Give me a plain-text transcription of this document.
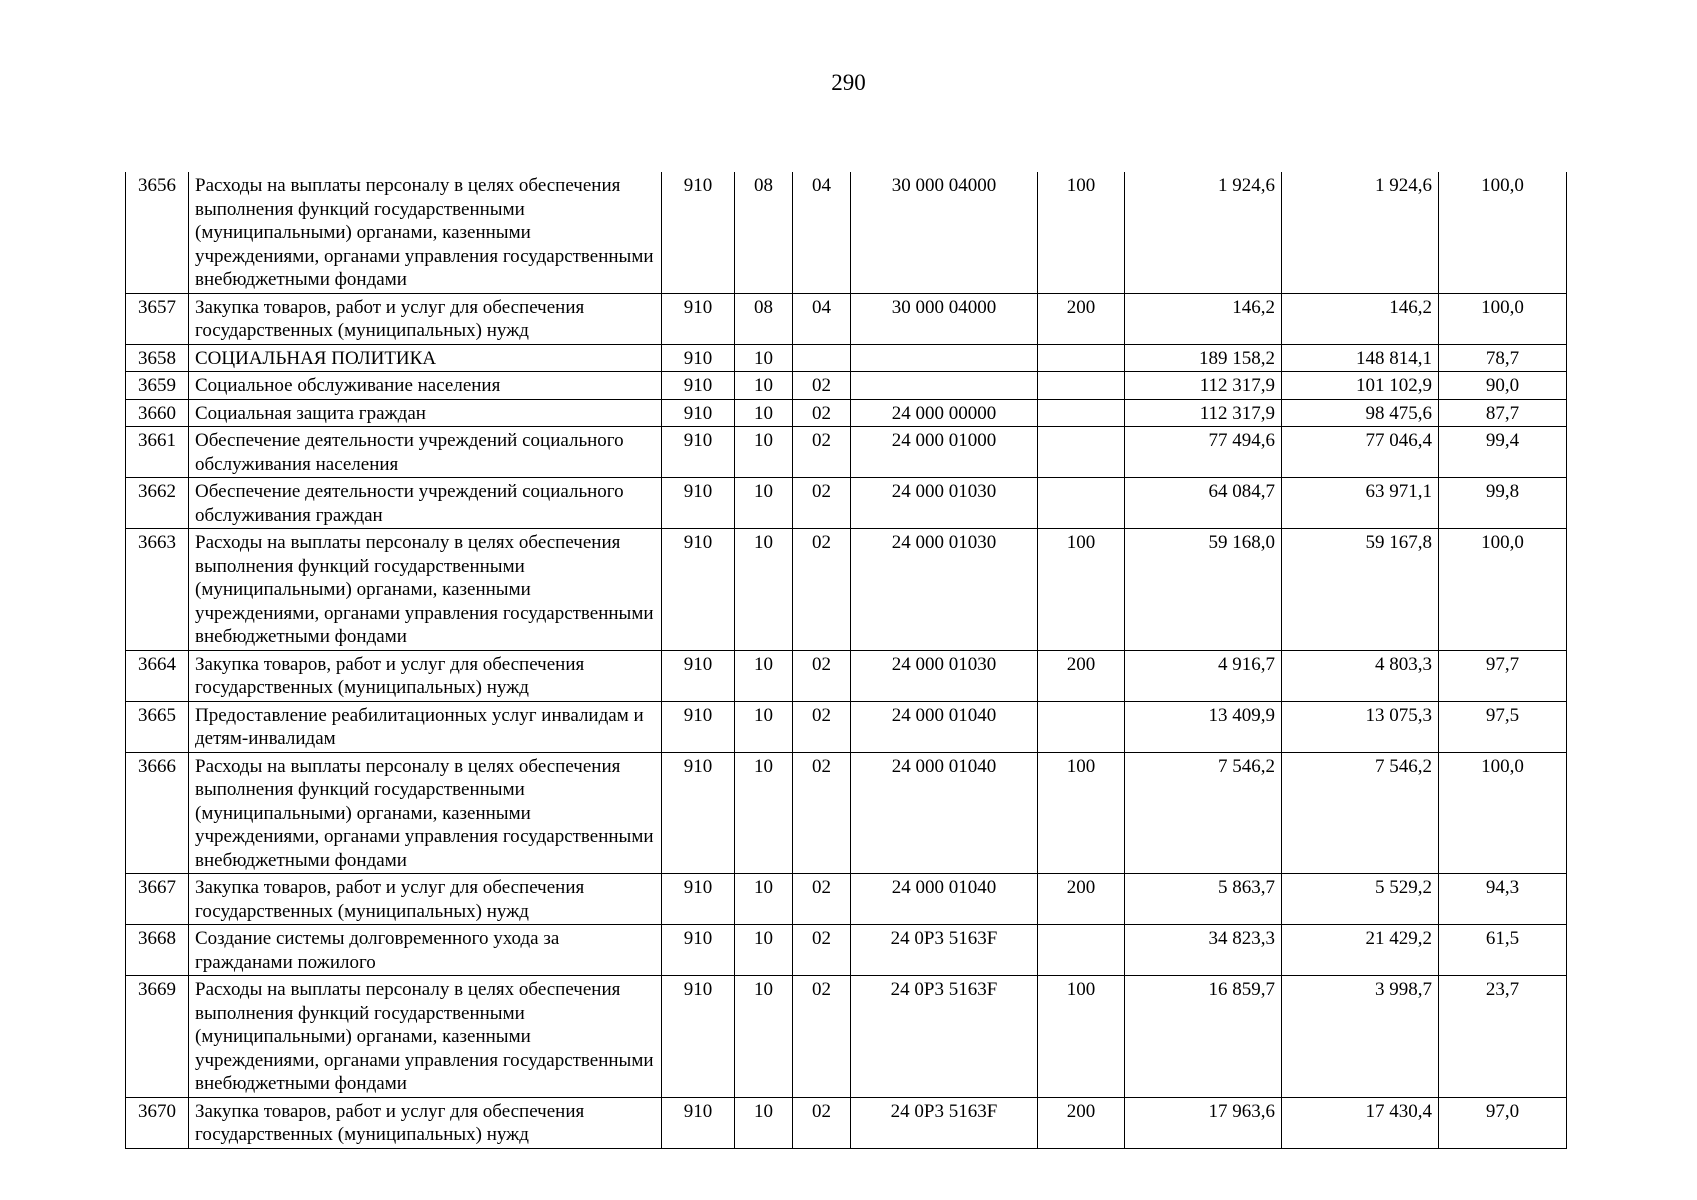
290
3656	Расходы на выплаты персоналу в целях обеспечения выполнения функций государственными (муниципальными) органами, казенными учреждениями, органами управления государственными внебюджетными фондами	910	08	04	30 000 04000	100	1 924,6	1 924,6	100,0
3657	Закупка товаров, работ и услуг для обеспечения государственных (муниципальных) нужд	910	08	04	30 000 04000	200	146,2	146,2	100,0
3658	СОЦИАЛЬНАЯ ПОЛИТИКА	910	10				189 158,2	148 814,1	78,7
3659	Социальное обслуживание населения	910	10	02			112 317,9	101 102,9	90,0
3660	Социальная защита граждан	910	10	02	24 000 00000		112 317,9	98 475,6	87,7
3661	Обеспечение деятельности учреждений социального обслуживания населения	910	10	02	24 000 01000		77 494,6	77 046,4	99,4
3662	Обеспечение деятельности учреждений социального обслуживания граждан	910	10	02	24 000 01030		64 084,7	63 971,1	99,8
3663	Расходы на выплаты персоналу в целях обеспечения выполнения функций государственными (муниципальными) органами, казенными учреждениями, органами управления государственными внебюджетными фондами	910	10	02	24 000 01030	100	59 168,0	59 167,8	100,0
3664	Закупка товаров, работ и услуг для обеспечения государственных (муниципальных) нужд	910	10	02	24 000 01030	200	4 916,7	4 803,3	97,7
3665	Предоставление реабилитационных услуг инвалидам и детям-инвалидам	910	10	02	24 000 01040		13 409,9	13 075,3	97,5
3666	Расходы на выплаты персоналу в целях обеспечения выполнения функций государственными (муниципальными) органами, казенными учреждениями, органами управления государственными внебюджетными фондами	910	10	02	24 000 01040	100	7 546,2	7 546,2	100,0
3667	Закупка товаров, работ и услуг для обеспечения государственных (муниципальных) нужд	910	10	02	24 000 01040	200	5 863,7	5 529,2	94,3
3668	Создание системы долговременного ухода за гражданами пожилого	910	10	02	24 0Р3 5163F		34 823,3	21 429,2	61,5
3669	Расходы на выплаты персоналу в целях обеспечения выполнения функций государственными (муниципальными) органами, казенными учреждениями, органами управления государственными внебюджетными фондами	910	10	02	24 0Р3 5163F	100	16 859,7	3 998,7	23,7
3670	Закупка товаров, работ и услуг для обеспечения государственных (муниципальных) нужд	910	10	02	24 0Р3 5163F	200	17 963,6	17 430,4	97,0
